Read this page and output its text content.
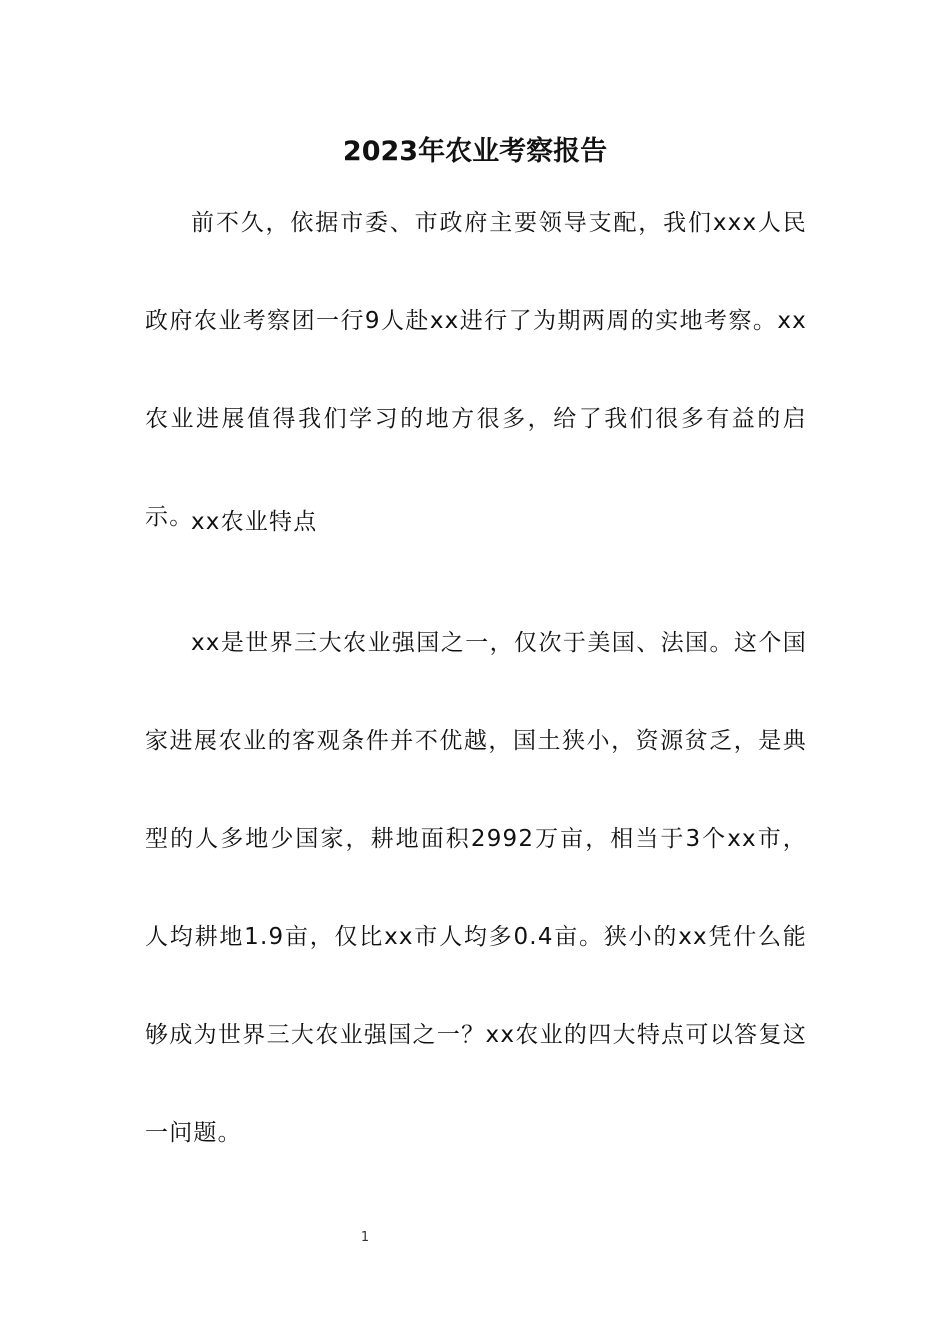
2023年农业考察报告

前不久，依据市委、市政府主要领导支配，我们xxx人民政府农业考察团一行9人赴xx进行了为期两周的实地考察。xx农业进展值得我们学习的地方很多，给了我们很多有益的启示。

xx农业特点

xx是世界三大农业强国之一，仅次于美国、法国。这个国家进展农业的客观条件并不优越，国土狭小，资源贫乏，是典型的人多地少国家，耕地面积2992万亩，相当于3个xx市，人均耕地1.9亩，仅比xx市人均多0.4亩。狭小的xx凭什么能够成为世界三大农业强国之一？xx农业的四大特点可以答复这一问题。

1
